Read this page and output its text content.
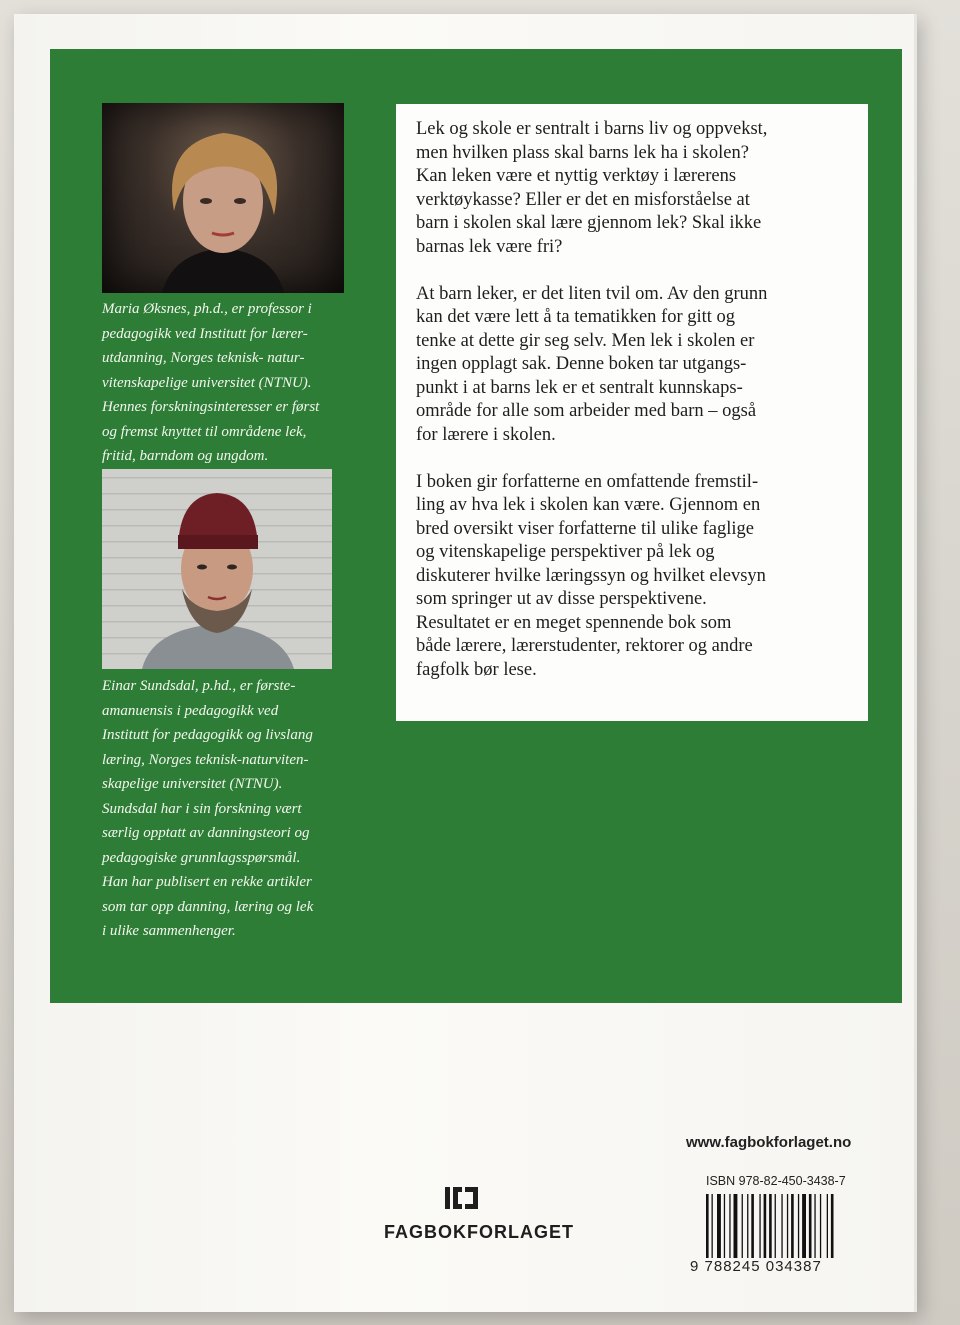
Maria Øksnes, ph.d., er professor i
pedagogikk ved Institutt for lærer-
utdanning, Norges teknisk- natur-
vitenskapelige universitet (NTNU).
Hennes forskningsinteresser er først
og fremst knyttet til områdene lek,
fritid, barndom og ungdom.
Einar Sundsdal, p.hd., er første-
amanuensis i pedagogikk ved
Institutt for pedagogikk og livslang
læring, Norges teknisk-naturviten-
skapelige universitet (NTNU).
Sundsdal har i sin forskning vært
særlig opptatt av danningsteori og
pedagogiske grunnlagsspørsmål.
Han har publisert en rekke artikler
som tar opp danning, læring og lek
i ulike sammenhenger.

Lek og skole er sentralt i barns liv og oppvekst,
men hvilken plass skal barns lek ha i skolen?
Kan leken være et nyttig verktøy i lærerens
verktøykasse? Eller er det en misforståelse at
barn i skolen skal lære gjennom lek? Skal ikke
barnas lek være fri?

At barn leker, er det liten tvil om. Av den grunn
kan det være lett å ta tematikken for gitt og
tenke at dette gir seg selv. Men lek i skolen er
ingen opplagt sak. Denne boken tar utgangs-
punkt i at barns lek er et sentralt kunnskaps-
område for alle som arbeider med barn – også
for lærere i skolen.

I boken gir forfatterne en omfattende fremstil-
ling av hva lek i skolen kan være. Gjennom en
bred oversikt viser forfatterne til ulike faglige
og vitenskapelige perspektiver på lek og
diskuterer hvilke læringssyn og hvilket elevsyn
som springer ut av disse perspektivene.
Resultatet er en meget spennende bok som
både lærere, lærerstudenter, rektorer og andre
fagfolk bør lese.

FAGBOKFORLAGET
www.fagbokforlaget.no
ISBN 978-82-450-3438-7
9 788245 034387
